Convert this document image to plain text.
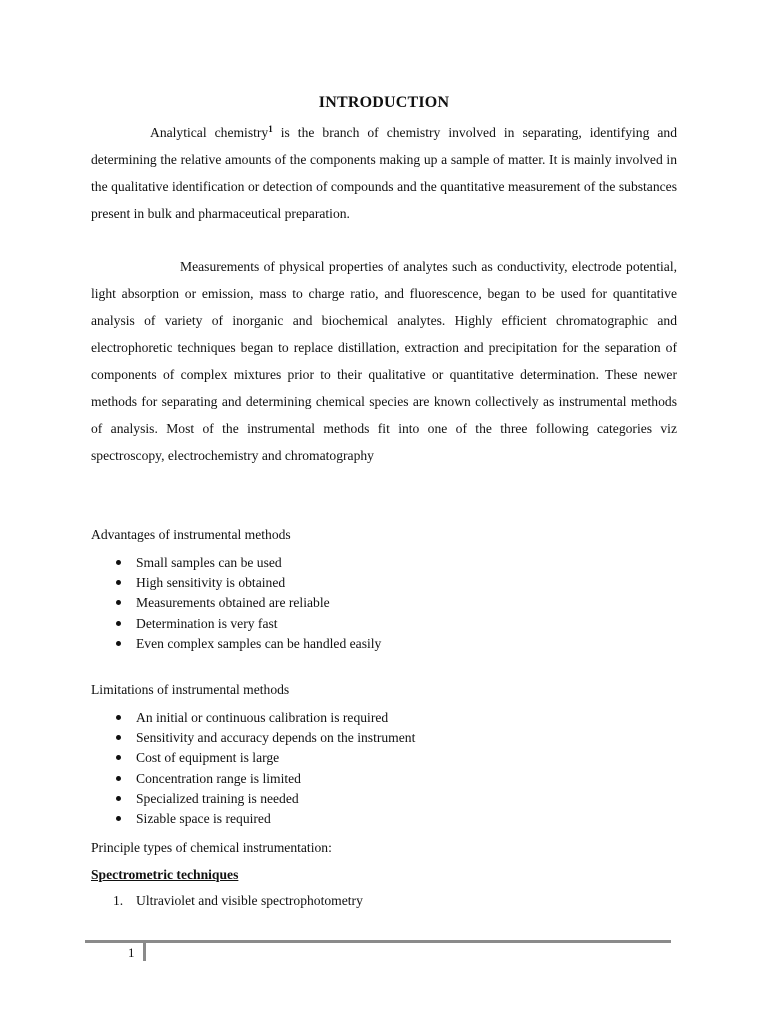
INTRODUCTION

Analytical chemistry$^1$ is the branch of chemistry involved in separating, identifying and determining the relative amounts of the components making up a sample of matter. It is mainly involved in the qualitative identification or detection of compounds and the quantitative measurement of the substances present in bulk and pharmaceutical preparation.

Measurements of physical properties of analytes such as conductivity, electrode potential, light absorption or emission, mass to charge ratio, and fluorescence, began to be used for quantitative analysis of variety of inorganic and biochemical analytes. Highly efficient chromatographic and electrophoretic techniques began to replace distillation, extraction and precipitation for the separation of components of complex mixtures prior to their qualitative or quantitative determination. These newer methods for separating and determining chemical species are known collectively as instrumental methods of analysis. Most of the instrumental methods fit into one of the three following categories viz spectroscopy, electrochemistry and chromatography

Advantages of instrumental methods

Small samples can be used
High sensitivity is obtained
Measurements obtained are reliable
Determination is very fast
Even complex samples can be handled easily

Limitations of instrumental methods

An initial or continuous calibration is required
Sensitivity and accuracy depends on the instrument
Cost of equipment is large
Concentration range is limited
Specialized training is needed
Sizable space is required

Principle types of chemical instrumentation:

Spectrometric techniques

1. Ultraviolet and visible spectrophotometry
1
